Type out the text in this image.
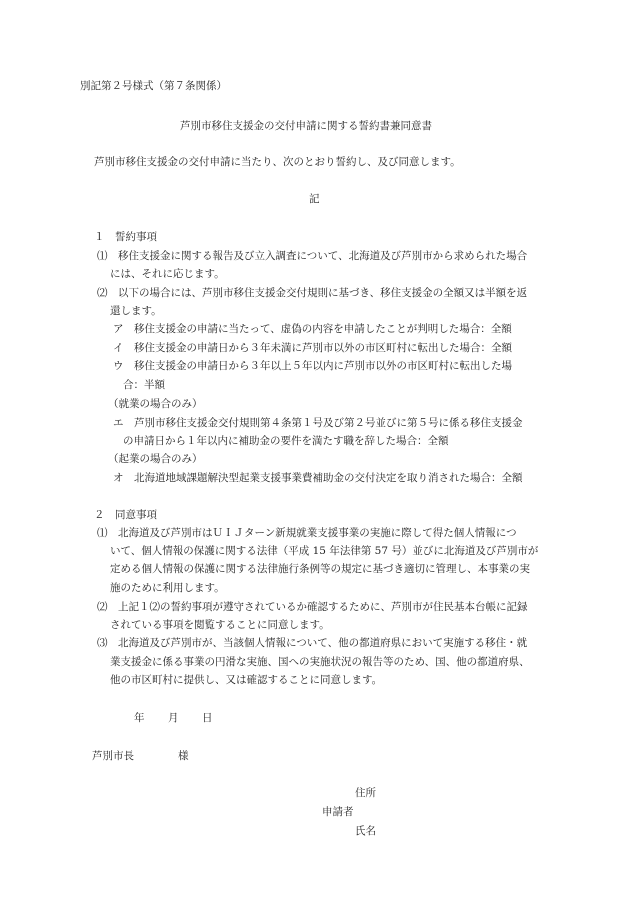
別記第２号様式（第７条関係）
芦別市移住支援金の交付申請に関する誓約書兼同意書
芦別市移住支援金の交付申請に当たり、次のとおり誓約し、及び同意します。
記
１　誓約事項
⑴　移住支援金に関する報告及び立入調査について、北海道及び芦別市から求められた場合
には、それに応じます。
⑵　以下の場合には、芦別市移住支援金交付規則に基づき、移住支援金の全額又は半額を返
還します。
ア　移住支援金の申請に当たって、虚偽の内容を申請したことが判明した場合：全額
イ　移住支援金の申請日から３年未満に芦別市以外の市区町村に転出した場合：全額
ウ　移住支援金の申請日から３年以上５年以内に芦別市以外の市区町村に転出した場
合：半額
（就業の場合のみ）
エ　芦別市移住支援金交付規則第４条第１号及び第２号並びに第５号に係る移住支援金
の申請日から１年以内に補助金の要件を満たす職を辞した場合：全額
（起業の場合のみ）
オ　北海道地域課題解決型起業支援事業費補助金の交付決定を取り消された場合：全額
２　同意事項
⑴　北海道及び芦別市はＵＩＪターン新規就業支援事業の実施に際して得た個人情報につ
いて、個人情報の保護に関する法律（平成 15 年法律第 57 号）並びに北海道及び芦別市が
定める個人情報の保護に関する法律施行条例等の規定に基づき適切に管理し、本事業の実
施のために利用します。
⑵　上記１⑵の誓約事項が遵守されているか確認するために、芦別市が住民基本台帳に記録
されている事項を閲覧することに同意します。
⑶　北海道及び芦別市が、当該個人情報について、他の都道府県において実施する移住・就
業支援金に係る事業の円滑な実施、国への実施状況の報告等のため、国、他の都道府県、
他の市区町村に提供し、又は確認することに同意します。
年 月 日
芦別市長	様
住所
申請者
氏名
